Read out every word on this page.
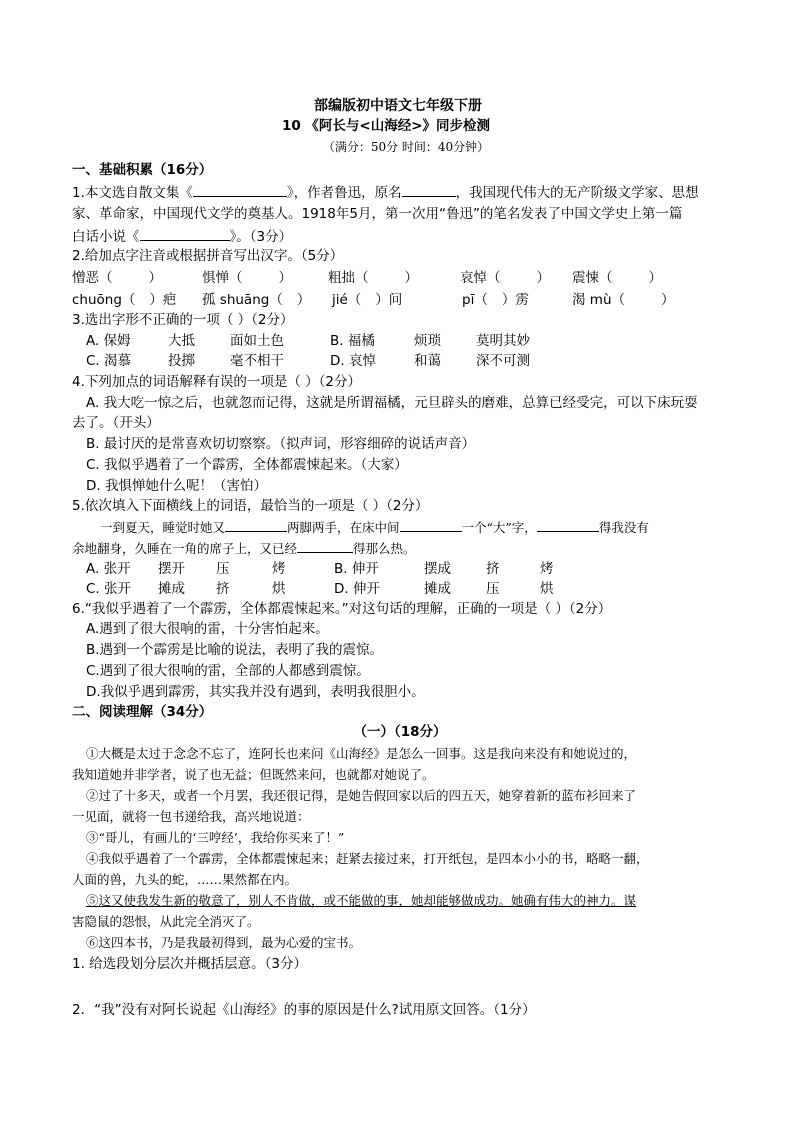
部编版初中语文七年级下册
10 《阿长与<山海经>》同步检测
（满分：50分 时间：40分钟）
一、基础积累（16分）
1.本文选自散文集《	》，作者鲁迅，原名	，我国现代伟大的无产阶级文学家、思想
家、革命家，中国现代文学的奠基人。1918年5月，第一次用“鲁迅”的笔名发表了中国文学史上第一篇
白话小说《	》。（3分）
2.给加点字注音或根据拼音写出汉字。（5分）
憎恶（	）	惧惮（	）	粗拙（	）	哀悼（	） 震悚（	）
chuōng（ ）疤 孤 shuāng（ ） jié（ ）问	pī（ ）雳	渴 mù（	）
3.选出字形不正确的一项（ ）（2分）
A. 保姆	大抵	面如土色	B. 福橘	烦琐	莫明其妙
C. 渴慕	投掷	毫不相干	D. 哀悼	和蔼	深不可测
4.下列加点的词语解释有误的一项是（ ）（2分）
A. 我大吃一惊之后，也就忽而记得，这就是所谓福橘，元旦辟头的磨难，总算已经受完，可以下床玩耍
去了。（开头）
B. 最讨厌的是常喜欢切切察察。（拟声词，形容细碎的说话声音）
C. 我似乎遇着了一个霹雳，全体都震悚起来。（大家）
D. 我惧惮她什么呢！（害怕）
5.依次填入下面横线上的词语，最恰当的一项是（ ）（2分）
一到夏天，睡觉时她又	两脚两手，在床中间	一个“大”字，	得我没有
余地翻身，久睡在一角的席子上，又已经	得那么热。
A. 张开 摆开 压	烤	B. 伸开	摆成	挤	烤
C. 张开 摊成 挤	烘	D. 伸开	摊成	压	烘
6.“我似乎遇着了一个霹雳，全体都震悚起来。”对这句话的理解，正确的一项是（ ）（2分）
A.遇到了很大很响的雷，十分害怕起来。
B.遇到一个霹雳是比喻的说法，表明了我的震惊。
C.遇到了很大很响的雷，全部的人都感到震惊。
D.我似乎遇到霹雳，其实我并没有遇到，表明我很胆小。
二、阅读理解（34分）
（一）（18分）
①大概是太过于念念不忘了，连阿长也来问《山海经》是怎么一回事。这是我向来没有和她说过的，
我知道她并非学者，说了也无益；但既然来问，也就都对她说了。
②过了十多天，或者一个月罢，我还很记得，是她告假回家以后的四五天，她穿着新的蓝布衫回来了
一见面，就将一包书递给我，高兴地说道：
③“哥儿，有画儿的‘三哼经’，我给你买来了！”
④我似乎遇着了一个霹雳，全体都震悚起来；赶紧去接过来，打开纸包，是四本小小的书，略略一翻，
人面的兽，九头的蛇，……果然都在内。
⑤这又使我发生新的敬意了，别人不肯做，或不能做的事，她却能够做成功。她确有伟大的神力。谋
害隐鼠的怨恨，从此完全消灭了。
⑥这四本书，乃是我最初得到，最为心爱的宝书。
1. 给选段划分层次并概括层意。（3分）
2．“我”没有对阿长说起《山海经》的事的原因是什么?试用原文回答。（1分）
